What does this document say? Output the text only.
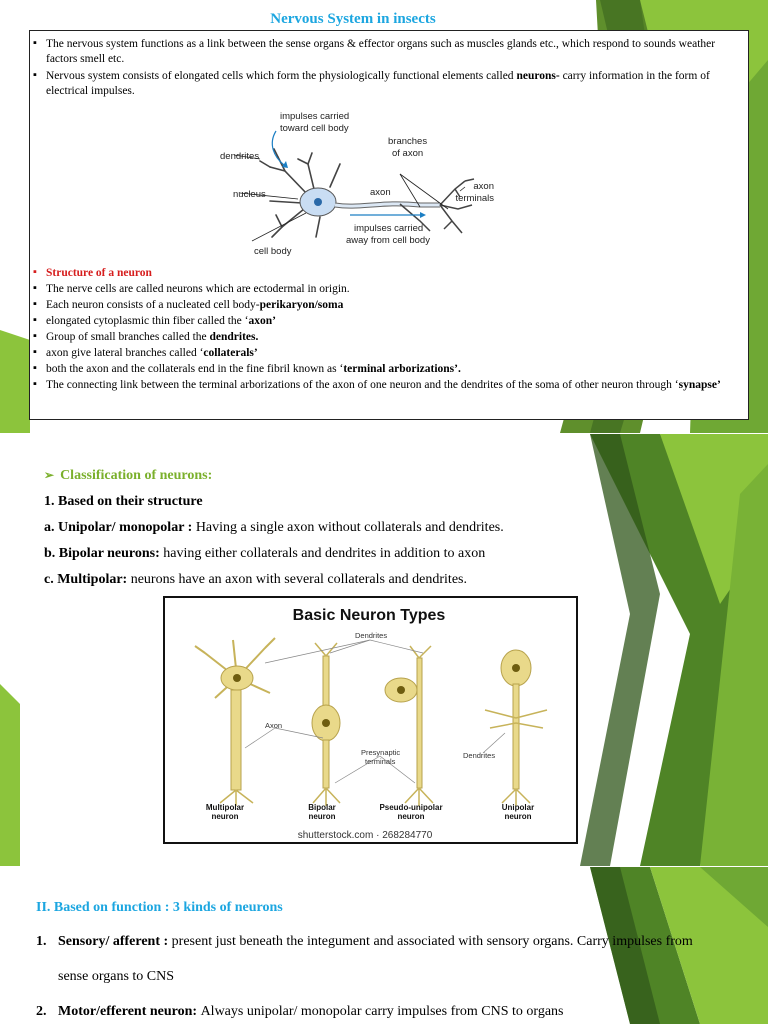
Nervous System in insects
▪ The nervous system functions as a link between the sense organs & effector organs such as muscles glands etc., which respond to sounds weather factors smell etc.
▪ Nervous system consists of elongated cells which form the physiologically functional elements called neurons- carry information in the form of electrical impulses.
impulses carried
toward cell body
branches
of axon
dendrites
nucleus	axon
axon
terminals
impulses carried
away from cell body
cell body
▪ Structure of a neuron
▪ The nerve cells are called neurons which are ectodermal in origin.
▪ Each neuron consists of a nucleated cell body-perikaryon/soma
▪ elongated cytoplasmic thin fiber called the ‘axon’
▪ Group of small branches called the dendrites.
▪ axon give lateral branches called ‘collaterals’
▪ both the axon and the collaterals end in the fine fibril known as ‘terminal arborizations’.
▪ The connecting link between the terminal arborizations of the axon of one neuron and the dendrites of the soma of other neuron through ‘synapse’
➢ Classification of neurons:
1. Based on their structure
a. Unipolar/ monopolar : Having a single axon without collaterals and dendrites.
b. Bipolar neurons: having either collaterals and dendrites in addition to axon
c. Multipolar: neurons have an axon with several collaterals and dendrites.
Basic Neuron Types
Dendrites
Axon
Presynaptic
terminals
Dendrites
Multipolar
neuron
Bipolar
neuron
Pseudo-unipolar
neuron
Unipolar
neuron
shutterstock.com · 268284770
II. Based on function : 3 kinds of neurons
1. Sensory/ afferent : present just beneath the integument and associated with sensory organs. Carry impulses from
sense organs to CNS
2. Motor/efferent neuron: Always unipolar/ monopolar carry impulses from CNS to organs
